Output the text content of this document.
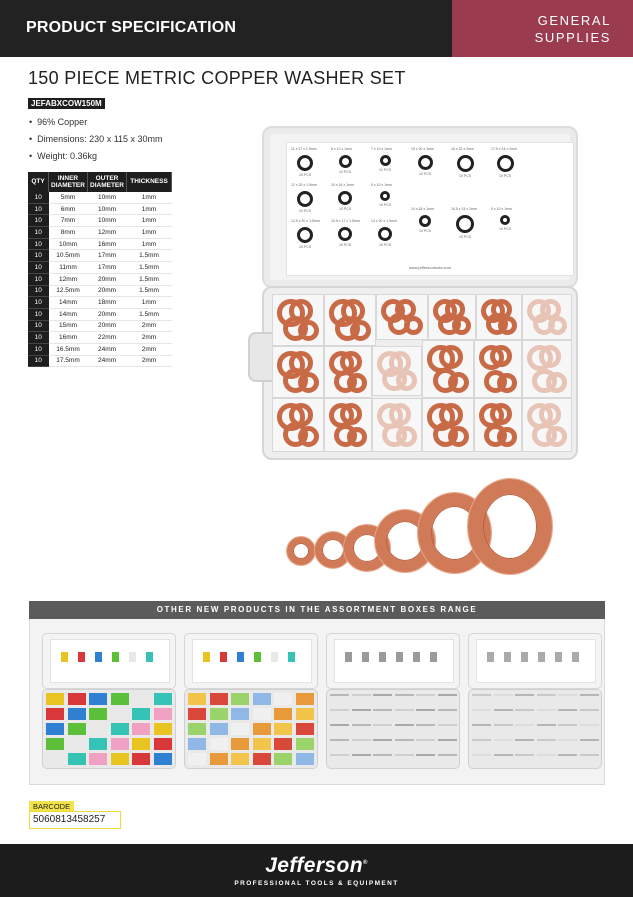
PRODUCT SPECIFICATION	GENERAL
SUPPLIES
150 PIECE METRIC COPPER WASHER SET
JEFABXCOW150M
• 96% Copper
• Dimensions: 230 x 115 x 30mm
• Weight: 0.36kg
QTY	INNER DIAMETER	OUTER DIAMETER	THICKNESS
10	5mm	10mm	1mm
10	6mm	10mm	1mm
10	7mm	10mm	1mm
10	8mm	12mm	1mm
10	10mm	16mm	1mm
10	10.5mm	17mm	1.5mm
10	11mm	17mm	1.5mm
10	12mm	20mm	1.5mm
10	12.5mm	20mm	1.5mm
10	14mm	18mm	1mm
10	14mm	20mm	1.5mm
10	15mm	20mm	2mm
10	16mm	22mm	2mm
10	16.5mm	24mm	2mm
10	17.5mm	24mm	2mm
11 x 17 x 1.5mm
10 PCS
6 x 12 x 1mm
10 PCS
7 x 10 x 1mm
10 PCS
15 x 20 x 1mm
10 PCS
16 x 22 x 2mm
10 PCS
17.5 x 24 x 2mm
10 PCS
12 x 20 x 1.5mm
10 PCS
10 x 16 x 1mm
10 PCS
5 x 10 x 1mm
10 PCS
14 x 18 x 1mm
10 PCS
16.5 x 24 x 2mm
10 PCS
5 x 10 x 1mm
10 PCS
12.5 x 20 x 1.5mm
10 PCS
10.5 x 17 x 1.5mm
10 PCS
14 x 20 x 1.5mm
10 PCS
www.jeffersontools.com
OTHER NEW PRODUCTS IN THE ASSORTMENT BOXES RANGE
BARCODE
5060813458257
Jefferson®
PROFESSIONAL TOOLS & EQUIPMENT
